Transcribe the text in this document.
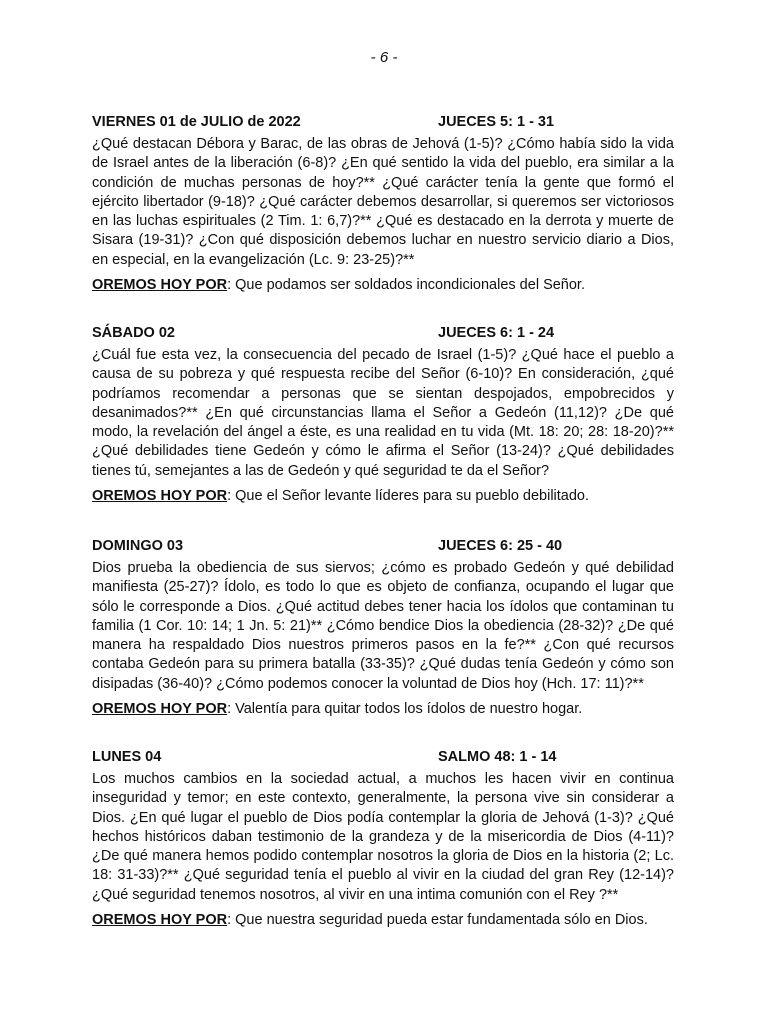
- 6 -
VIERNES 01 de JULIO de 2022	JUECES 5: 1 - 31

¿Qué destacan Débora y Barac, de las obras de Jehová (1-5)? ¿Cómo había sido la vida de Israel antes de la liberación (6-8)? ¿En qué sentido la vida del pueblo, era similar a la condición de muchas personas de hoy?** ¿Qué carácter tenía la gente que formó el ejército libertador (9-18)? ¿Qué carácter debemos desarrollar, si queremos ser victoriosos en las luchas espirituales (2 Tim. 1: 6,7)?** ¿Qué es destacado en la derrota y muerte de Sisara (19-31)? ¿Con qué disposición debemos luchar en nuestro servicio diario a Dios, en especial, en la evangelización (Lc. 9: 23-25)?**

OREMOS HOY POR: Que podamos ser soldados incondicionales del Señor.
SÁBADO 02	JUECES 6: 1 - 24

¿Cuál fue esta vez, la consecuencia del pecado de Israel (1-5)? ¿Qué hace el pueblo a causa de su pobreza y qué respuesta recibe del Señor (6-10)? En consideración, ¿qué podríamos recomendar a personas que se sientan despojados, empobrecidos y desanimados?** ¿En qué circunstancias llama el Señor a Gedeón (11,12)? ¿De qué modo, la revelación del ángel a éste, es una realidad en tu vida (Mt. 18: 20; 28: 18-20)?** ¿Qué debilidades tiene Gedeón y cómo le afirma el Señor (13-24)? ¿Qué debilidades tienes tú, semejantes a las de Gedeón y qué seguridad te da el Señor?

OREMOS HOY POR: Que el Señor levante líderes para su pueblo debilitado.
DOMINGO 03	JUECES 6: 25 - 40

Dios prueba la obediencia de sus siervos; ¿cómo es probado Gedeón y qué debilidad manifiesta (25-27)? Ídolo, es todo lo que es objeto de confianza, ocupando el lugar que sólo le corresponde a Dios. ¿Qué actitud debes tener hacia los ídolos que contaminan tu familia (1 Cor. 10: 14; 1 Jn. 5: 21)** ¿Cómo bendice Dios la obediencia (28-32)? ¿De qué manera ha respaldado Dios nuestros primeros pasos en la fe?** ¿Con qué recursos contaba Gedeón para su primera batalla (33-35)? ¿Qué dudas tenía Gedeón y cómo son disipadas (36-40)? ¿Cómo podemos conocer la voluntad de Dios hoy (Hch. 17: 11)?**

OREMOS HOY POR: Valentía para quitar todos los ídolos de nuestro hogar.
LUNES 04	SALMO 48: 1 - 14

Los muchos cambios en la sociedad actual, a muchos les hacen vivir en continua inseguridad y temor; en este contexto, generalmente, la persona vive sin considerar a Dios. ¿En qué lugar el pueblo de Dios podía contemplar la gloria de Jehová (1-3)? ¿Qué hechos históricos daban testimonio de la grandeza y de la misericordia de Dios (4-11)? ¿De qué manera hemos podido contemplar nosotros la gloria de Dios en la historia (2; Lc. 18: 31-33)?** ¿Qué seguridad tenía el pueblo al vivir en la ciudad del gran Rey (12-14)? ¿Qué seguridad tenemos nosotros, al vivir en una intima comunión con el Rey ?**

OREMOS HOY POR: Que nuestra seguridad pueda estar fundamentada sólo en Dios.
